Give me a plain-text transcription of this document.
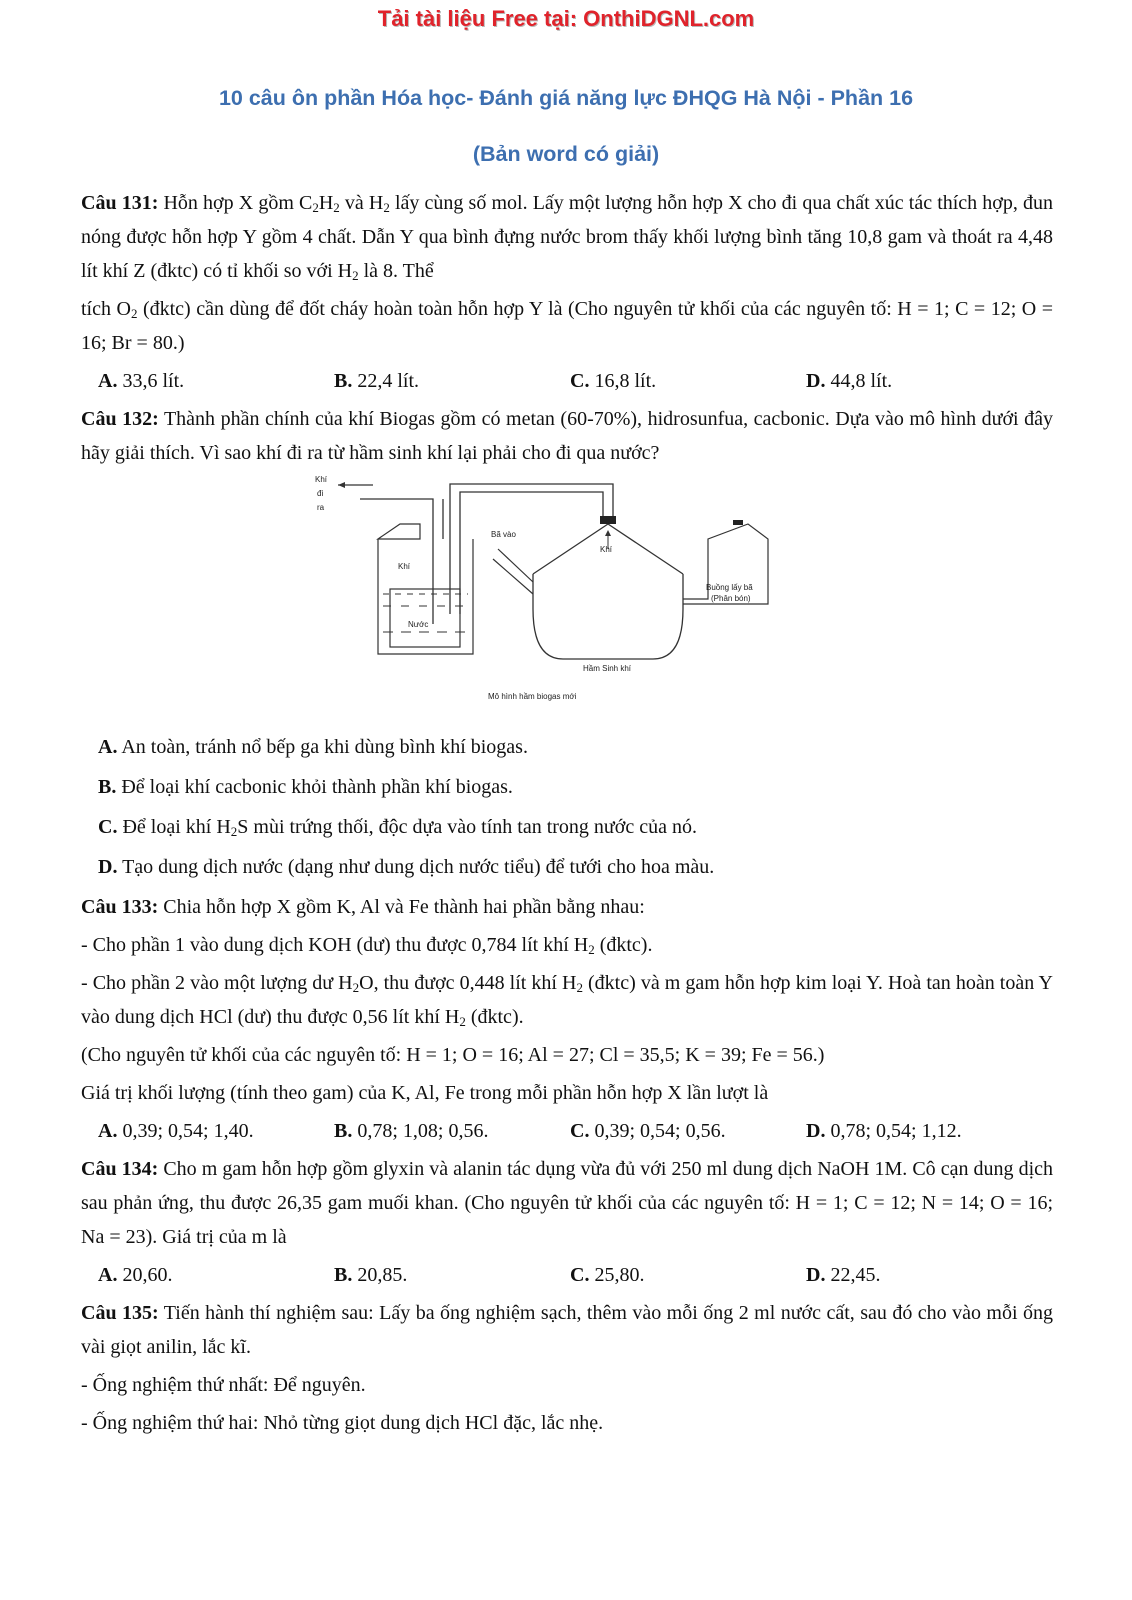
Tải tài liệu Free tại: OnthiDGNL.com
10 câu ôn phần Hóa học- Đánh giá năng lực ĐHQG Hà Nội - Phần 16
(Bản word có giải)
Câu 131: Hỗn hợp X gồm $C_2H_2$ và $H_2$ lấy cùng số mol. Lấy một lượng hỗn hợp X cho đi qua chất xúc tác thích hợp, đun nóng được hỗn hợp Y gồm 4 chất. Dẫn Y qua bình đựng nước brom thấy khối lượng bình tăng 10,8 gam và thoát ra 4,48 lít khí Z (đktc) có tỉ khối so với $H_2$ là 8. Thể
tích $O_2$ (đktc) cần dùng để đốt cháy hoàn toàn hỗn hợp Y là (Cho nguyên tử khối của các nguyên tố: H = 1; C = 12; O = 16; Br = 80.)
A. 33,6 lít.	B. 22,4 lít.	C. 16,8 lít.	D. 44,8 lít.
Câu 132: Thành phần chính của khí Biogas gồm có metan (60-70%), hidrosunfua, cacbonic. Dựa vào mô hình dưới đây hãy giải thích. Vì sao khí đi ra từ hầm sinh khí lại phải cho đi qua nước?
Khí
đi
ra
Khí
Nước
Bã vào
Khí
Buồng lấy bã
(Phân bón)
Hầm Sinh khí
Mô hình hầm biogas mới
A. An toàn, tránh nổ bếp ga khi dùng bình khí biogas.
B. Để loại khí cacbonic khỏi thành phần khí biogas.
C. Để loại khí $H_2S$ mùi trứng thối, độc dựa vào tính tan trong nước của nó.
D. Tạo dung dịch nước (dạng như dung dịch nước tiểu) để tưới cho hoa màu.
Câu 133: Chia hỗn hợp X gồm K, Al và Fe thành hai phần bằng nhau:
- Cho phần 1 vào dung dịch KOH (dư) thu được 0,784 lít khí $H_2$ (đktc).
- Cho phần 2 vào một lượng dư $H_2O$, thu được 0,448 lít khí $H_2$ (đktc) và m gam hỗn hợp kim loại Y. Hoà tan hoàn toàn Y vào dung dịch HCl (dư) thu được 0,56 lít khí $H_2$ (đktc).
(Cho nguyên tử khối của các nguyên tố: H = 1; O = 16; Al = 27; Cl = 35,5; K = 39; Fe = 56.)
Giá trị khối lượng (tính theo gam) của K, Al, Fe trong mỗi phần hỗn hợp X lần lượt là
A. 0,39; 0,54; 1,40.	B. 0,78; 1,08; 0,56.	C. 0,39; 0,54; 0,56.	D. 0,78; 0,54; 1,12.
Câu 134: Cho m gam hỗn hợp gồm glyxin và alanin tác dụng vừa đủ với 250 ml dung dịch NaOH 1M. Cô cạn dung dịch sau phản ứng, thu được 26,35 gam muối khan. (Cho nguyên tử khối của các nguyên tố: H = 1; C = 12; N = 14; O = 16; Na = 23). Giá trị của m là
A. 20,60.	B. 20,85.	C. 25,80.	D. 22,45.
Câu 135: Tiến hành thí nghiệm sau: Lấy ba ống nghiệm sạch, thêm vào mỗi ống 2 ml nước cất, sau đó cho vào mỗi ống vài giọt anilin, lắc kĩ.
- Ống nghiệm thứ nhất: Để nguyên.
- Ống nghiệm thứ hai: Nhỏ từng giọt dung dịch HCl đặc, lắc nhẹ.
